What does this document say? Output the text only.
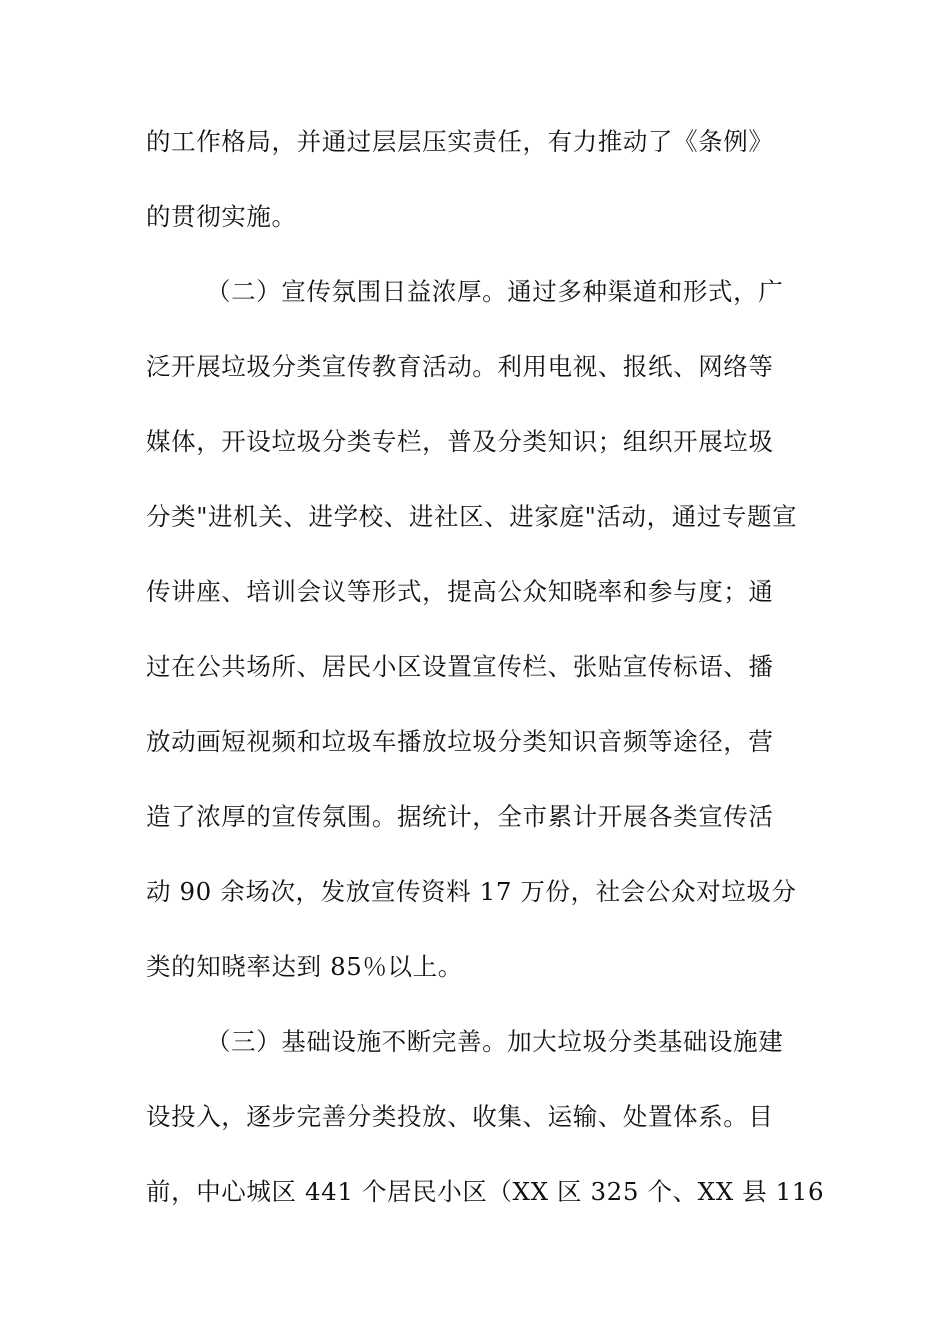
的工作格局，并通过层层压实责任，有力推动了《条例》
的贯彻实施。
（二）宣传氛围日益浓厚。通过多种渠道和形式，广
泛开展垃圾分类宣传教育活动。利用电视、报纸、网络等
媒体，开设垃圾分类专栏，普及分类知识；组织开展垃圾
分类"进机关、进学校、进社区、进家庭"活动，通过专题宣
传讲座、培训会议等形式，提高公众知晓率和参与度；通
过在公共场所、居民小区设置宣传栏、张贴宣传标语、播
放动画短视频和垃圾车播放垃圾分类知识音频等途径，营
造了浓厚的宣传氛围。据统计，全市累计开展各类宣传活
动 90 余场次，发放宣传资料 17 万份，社会公众对垃圾分
类的知晓率达到 85％以上。
（三）基础设施不断完善。加大垃圾分类基础设施建
设投入，逐步完善分类投放、收集、运输、处置体系。目
前，中心城区 441 个居民小区（XX 区 325 个、XX 县 116
